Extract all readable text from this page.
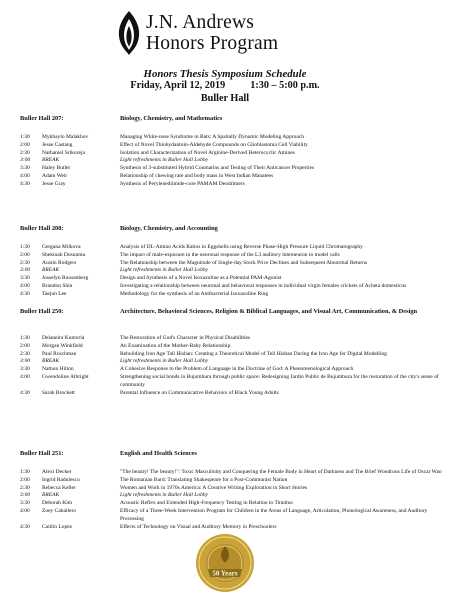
J.N. Andrews
Honors Program
Honors Thesis Symposium Schedule
Friday, April 12, 2019 1:30 – 5:00 p.m.
Buller Hall
Buller Hall 207:	Biology, Chemistry, and Mathematics
1:30 Mykhaylo Malakhov	Managing White-nose Syndrome in Bats: A Spatially Dynamic Modeling Approach
2:00 Jesse Castang	Effect of Novel Thiohydantoin-Aldehyde Compounds on Glioblastoma Cell Viability
2:30 Nathaniel Srikureja	Isolation and Characterization of Novel Arginine-Derived Heterocyclic Amines
3:00 BREAK	Light refreshments in Buller Hall Lobby
3:30 Haley Butler	Synthesis of 3-substituted Hybrid Coumarins and Testing of Their Anticancer Properties
4:00 Adam Weir	Relationship of chewing rate and body mass in West Indian Manatees
4:30 Jesse Gray	Synthesis of Perylenediimide-core PAMAM Dendrimers
Buller Hall 208:	Biology, Chemistry, and Accounting
1:30 Gergana Milkova	Analysis of DL-Amino Acids Ratios in Eggshells using Reverse Phase-High Pressure Liquid Chromatography
2:00 Shekinah Dosunmu	The impact of male-exposure in the neuronal response of the L3 auditory interneuron to model calls
2:30 Austin Rodgers	The Relationship between the Magnitude of Single-day Stock Price Declines and Subsequent Abnormal Returns
3:00 BREAK	Light refreshments in Buller Hall Lobby
3:30 Josselyn Roosenberg	Design and Synthesis of a Novel Isoxazoline as a Potential PAM-Agonist
4:00 Brandon Shin	Investigating a relationship between neuronal and behavioral responses in individual virgin females crickets of Acheta domesticus
4:30 Taejun Lee	Methodology for the synthesis of an Antibacterial Isoxazoline Ring
Buller Hall 250:	Architecture, Behavioral Sciences, Religion & Biblical Languages, and Visual Art, Communication, & Design
1:30 Delaneira Kuntoria	The Restoration of God's Character in Physical Disabilities
2:00 Morgan Winkfield	An Examination of the Mother-Baby Relationship
2:30 Paul Roschman	Rebuilding Iron Age Tall Hisban: Creating a Theoretical Model of Tell Hisban During the Iron Age for Digital Modelling
3:00 BREAK	Light refreshments in Buller Hall Lobby
3:30 Nathon Hilton	A Cohesive Response to the Problem of Language in the Doctrine of God: A Phenomenological Approach
4:00 Gwendoline Albright	Strengthening social bonds in Bujumbura through public space: Redesigning Jardin Public de Bujumbura for the restoration of the city's sense of community
4:30 Sarah Brockett	Parental Influence on Communicative Behaviors of Black Young Adults
Buller Hall 251:	English and Health Sciences
1:30 Alexi Decker	"The beauty! The beauty!": Toxic Masculinity and Conquering the Female Body in Heart of Darkness and The Brief Wondrous Life of Oscar Wao
2:00 Ingrid Radulescu	The Romanian Bard: Translating Shakespeare for a Post-Communist Nation
2:30 Rebecca Keller	Women and Work in 1970s America: A Creative Writing Exploration in Short Stories
3:00 BREAK	Light refreshments in Buller Hall Lobby
3:30 Deborah Kim	Acoustic Reflex and Extended High-Frequency Testing in Relation to Tinnitus
4:00 Zoey Caballero	Efficacy of a Three-Week Intervention Program for Children in the Areas of Language, Articulation, Phonological Awareness, and Auditory Processing
4:30 Caitlin Lopez	Effects of Technology on Visual and Auditory Memory in Preschoolers
50 Years
